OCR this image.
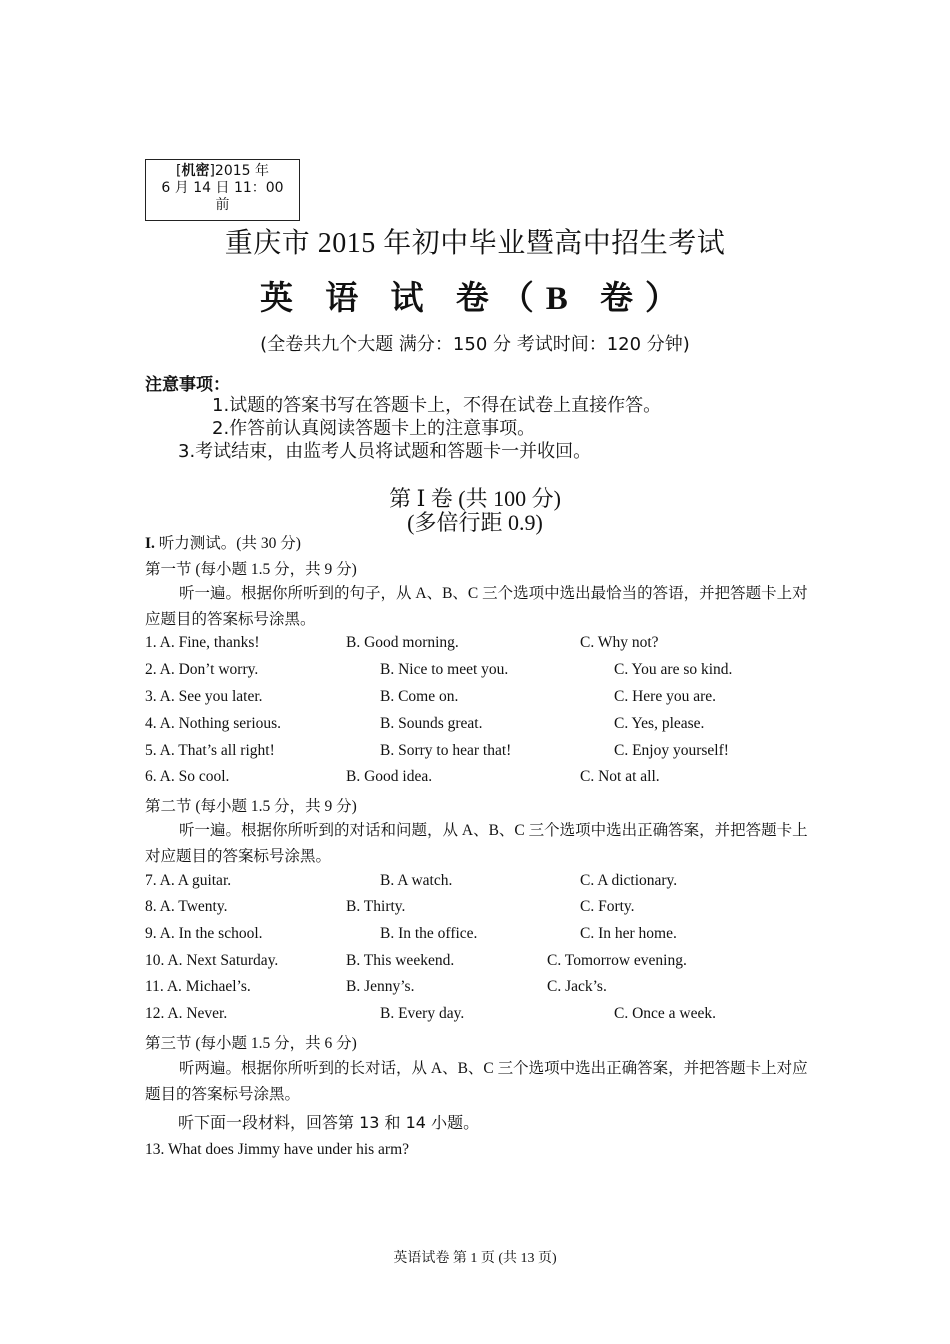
[机密]2015 年
6 月 14 日 11：00
前
重庆市 2015 年初中毕业暨高中招生考试
英 语 试 卷（B 卷）
(全卷共九个大题 满分：150 分 考试时间：120 分钟)
注意事项：
1.试题的答案书写在答题卡上，不得在试卷上直接作答。
2.作答前认真阅读答题卡上的注意事项。
3.考试结束，由监考人员将试题和答题卡一并收回。
第 Ⅰ 卷 (共 100 分)
(多倍行距 0.9)
I. 听力测试。(共 30 分)
第一节 (每小题 1.5 分，共 9 分)
听一遍。根据你所听到的句子，从 A、B、C 三个选项中选出最恰当的答语，并把答题卡上对应题目的答案标号涂黑。
1. A. Fine, thanks!	B. Good morning.	C. Why not?
2. A. Don’t worry.	B. Nice to meet you.	C. You are so kind.
3. A. See you later.	B. Come on.	C. Here you are.
4. A. Nothing serious.	B. Sounds great.	C. Yes, please.
5. A. That’s all right!	B. Sorry to hear that!	C. Enjoy yourself!
6. A. So cool.	B. Good idea.	C. Not at all.
第二节 (每小题 1.5 分，共 9 分)
听一遍。根据你所听到的对话和问题，从 A、B、C 三个选项中选出正确答案，并把答题卡上对应题目的答案标号涂黑。
7. A. A guitar.	B. A watch.	C. A dictionary.
8. A. Twenty.	B. Thirty.	C. Forty.
9. A. In the school.	B. In the office.	C. In her home.
10. A. Next Saturday.	B. This weekend.	C. Tomorrow evening.
11. A. Michael’s.	B. Jenny’s.	C. Jack’s.
12. A. Never.	B. Every day.	C. Once a week.
第三节 (每小题 1.5 分，共 6 分)
听两遍。根据你所听到的长对话，从 A、B、C 三个选项中选出正确答案，并把答题卡上对应题目的答案标号涂黑。
听下面一段材料，回答第 13 和 14 小题。
13. What does Jimmy have under his arm?
英语试卷 第 1 页 (共 13 页)
